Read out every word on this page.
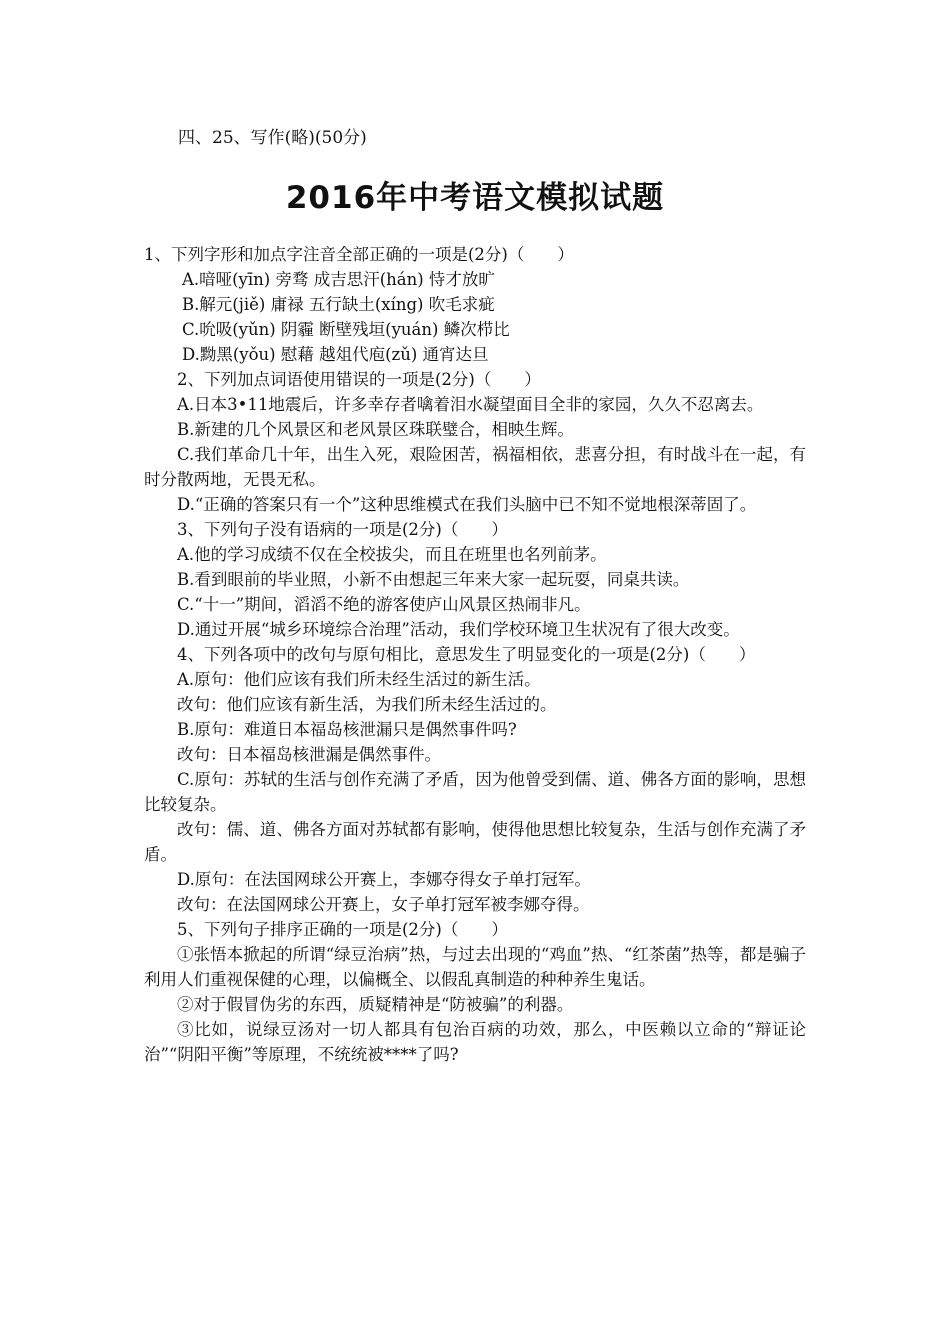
四、25、写作(略)(50分)
2016年中考语文模拟试题

1、下列字形和加点字注音全部正确的一项是(2分)（　　）

A.喑哑(yīn) 旁骛 成吉思汗(hán) 恃才放旷

B.解元(jiě) 庸禄 五行缺土(xíng) 吹毛求疵

C.吮吸(yǔn) 阴霾 断壁残垣(yuán) 鳞次栉比

D.黝黑(yǒu) 慰藉 越俎代庖(zǔ) 通宵达旦

2、下列加点词语使用错误的一项是(2分)（　　）

A.日本3•11地震后，许多幸存者噙着泪水凝望面目全非的家园，久久不忍离去。

B.新建的几个风景区和老风景区珠联璧合，相映生辉。

C.我们革命几十年，出生入死，艰险困苦，祸福相依，悲喜分担，有时战斗在一起，有时分散两地，无畏无私。

D.“正确的答案只有一个”这种思维模式在我们头脑中已不知不觉地根深蒂固了。

3、下列句子没有语病的一项是(2分)（　　）

A.他的学习成绩不仅在全校拔尖，而且在班里也名列前茅。

B.看到眼前的毕业照，小新不由想起三年来大家一起玩耍，同桌共读。

C.“十一”期间，滔滔不绝的游客使庐山风景区热闹非凡。

D.通过开展“城乡环境综合治理”活动，我们学校环境卫生状况有了很大改变。

4、下列各项中的改句与原句相比，意思发生了明显变化的一项是(2分)（　　）

A.原句：他们应该有我们所未经生活过的新生活。

改句：他们应该有新生活，为我们所未经生活过的。

B.原句：难道日本福岛核泄漏只是偶然事件吗?

改句：日本福岛核泄漏是偶然事件。

C.原句：苏轼的生活与创作充满了矛盾，因为他曾受到儒、道、佛各方面的影响，思想比较复杂。

改句：儒、道、佛各方面对苏轼都有影响，使得他思想比较复杂，生活与创作充满了矛盾。

D.原句：在法国网球公开赛上，李娜夺得女子单打冠军。

改句：在法国网球公开赛上，女子单打冠军被李娜夺得。

5、下列句子排序正确的一项是(2分)（　　）

①张悟本掀起的所谓“绿豆治病”热，与过去出现的“鸡血”热、“红茶菌”热等，都是骗子利用人们重视保健的心理，以偏概全、以假乱真制造的种种养生鬼话。

②对于假冒伪劣的东西，质疑精神是“防被骗”的利器。

③比如，说绿豆汤对一切人都具有包治百病的功效，那么，中医赖以立命的“辩证论治”“阴阳平衡”等原理，不统统被****了吗?
